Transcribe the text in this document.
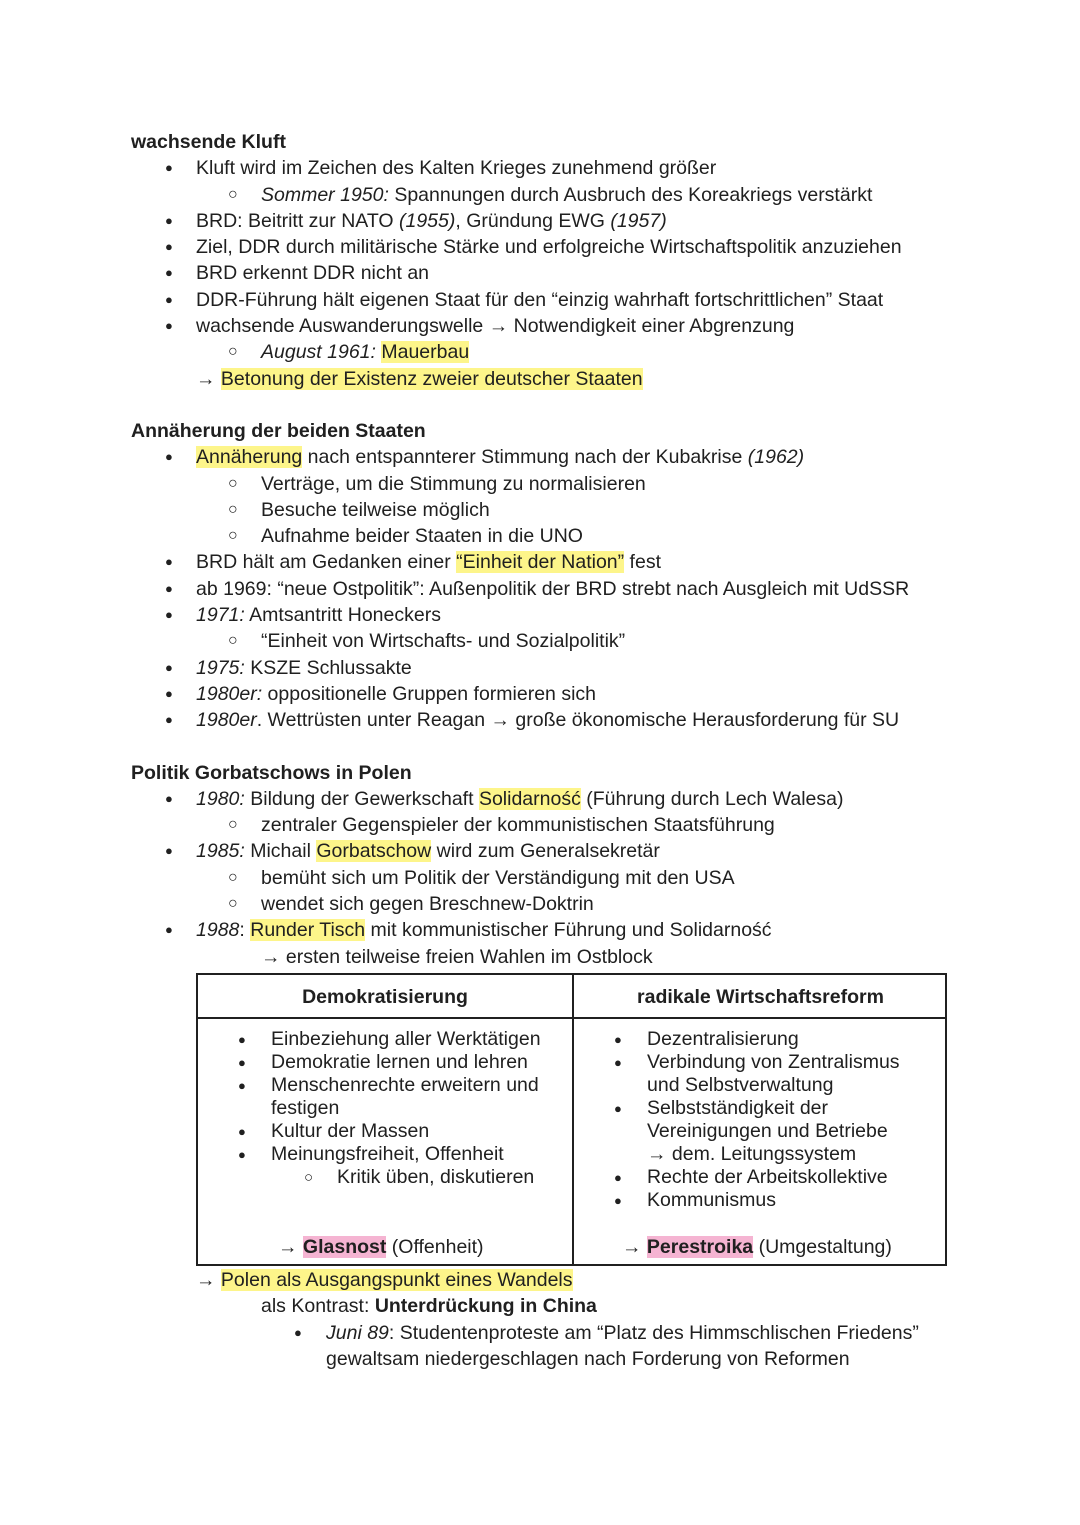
wachsende Kluft
● Kluft wird im Zeichen des Kalten Krieges zunehmend größer
○ Sommer 1950: Spannungen durch Ausbruch des Koreakriegs verstärkt
● BRD: Beitritt zur NATO (1955), Gründung EWG (1957)
● Ziel, DDR durch militärische Stärke und erfolgreiche Wirtschaftspolitik anzuziehen
● BRD erkennt DDR nicht an
● DDR-Führung hält eigenen Staat für den “einzig wahrhaft fortschrittlichen” Staat
● wachsende Auswanderungswelle → Notwendigkeit einer Abgrenzung
○ August 1961: Mauerbau
→ Betonung der Existenz zweier deutscher Staaten
Annäherung der beiden Staaten
● Annäherung nach entspannterer Stimmung nach der Kubakrise (1962)
○ Verträge, um die Stimmung zu normalisieren
○ Besuche teilweise möglich
○ Aufnahme beider Staaten in die UNO
● BRD hält am Gedanken einer “Einheit der Nation” fest
● ab 1969: “neue Ostpolitik”: Außenpolitik der BRD strebt nach Ausgleich mit UdSSR
● 1971: Amtsantritt Honeckers
○ “Einheit von Wirtschafts- und Sozialpolitik”
● 1975: KSZE Schlussakte
● 1980er: oppositionelle Gruppen formieren sich
● 1980er. Wettrüsten unter Reagan → große ökonomische Herausforderung für SU
Politik Gorbatschows in Polen
● 1980: Bildung der Gewerkschaft Solidarność (Führung durch Lech Walesa)
○ zentraler Gegenspieler der kommunistischen Staatsführung
● 1985: Michail Gorbatschow wird zum Generalsekretär
○ bemüht sich um Politik der Verständigung mit den USA
○ wendet sich gegen Breschnew-Doktrin
● 1988: Runder Tisch mit kommunistischer Führung und Solidarność
→ ersten teilweise freien Wahlen im Ostblock
Demokratisierung	radikale Wirtschaftsreform
● Einbeziehung aller Werktätigen
● Demokratie lernen und lehren
● Menschenrechte erweitern und
festigen
● Kultur der Massen
● Meinungsfreiheit, Offenheit
○ Kritik üben, diskutieren
● Dezentralisierung
● Verbindung von Zentralismus
und Selbstverwaltung
● Selbstständigkeit der
Vereinigungen und Betriebe
→ dem. Leitungssystem
● Rechte der Arbeitskollektive
● Kommunismus
→ Glasnost (Offenheit)	→ Perestroika (Umgestaltung)
→ Polen als Ausgangspunkt eines Wandels
als Kontrast: Unterdrückung in China
● Juni 89: Studentenproteste am “Platz des Himmschlischen Friedens”
gewaltsam niedergeschlagen nach Forderung von Reformen
